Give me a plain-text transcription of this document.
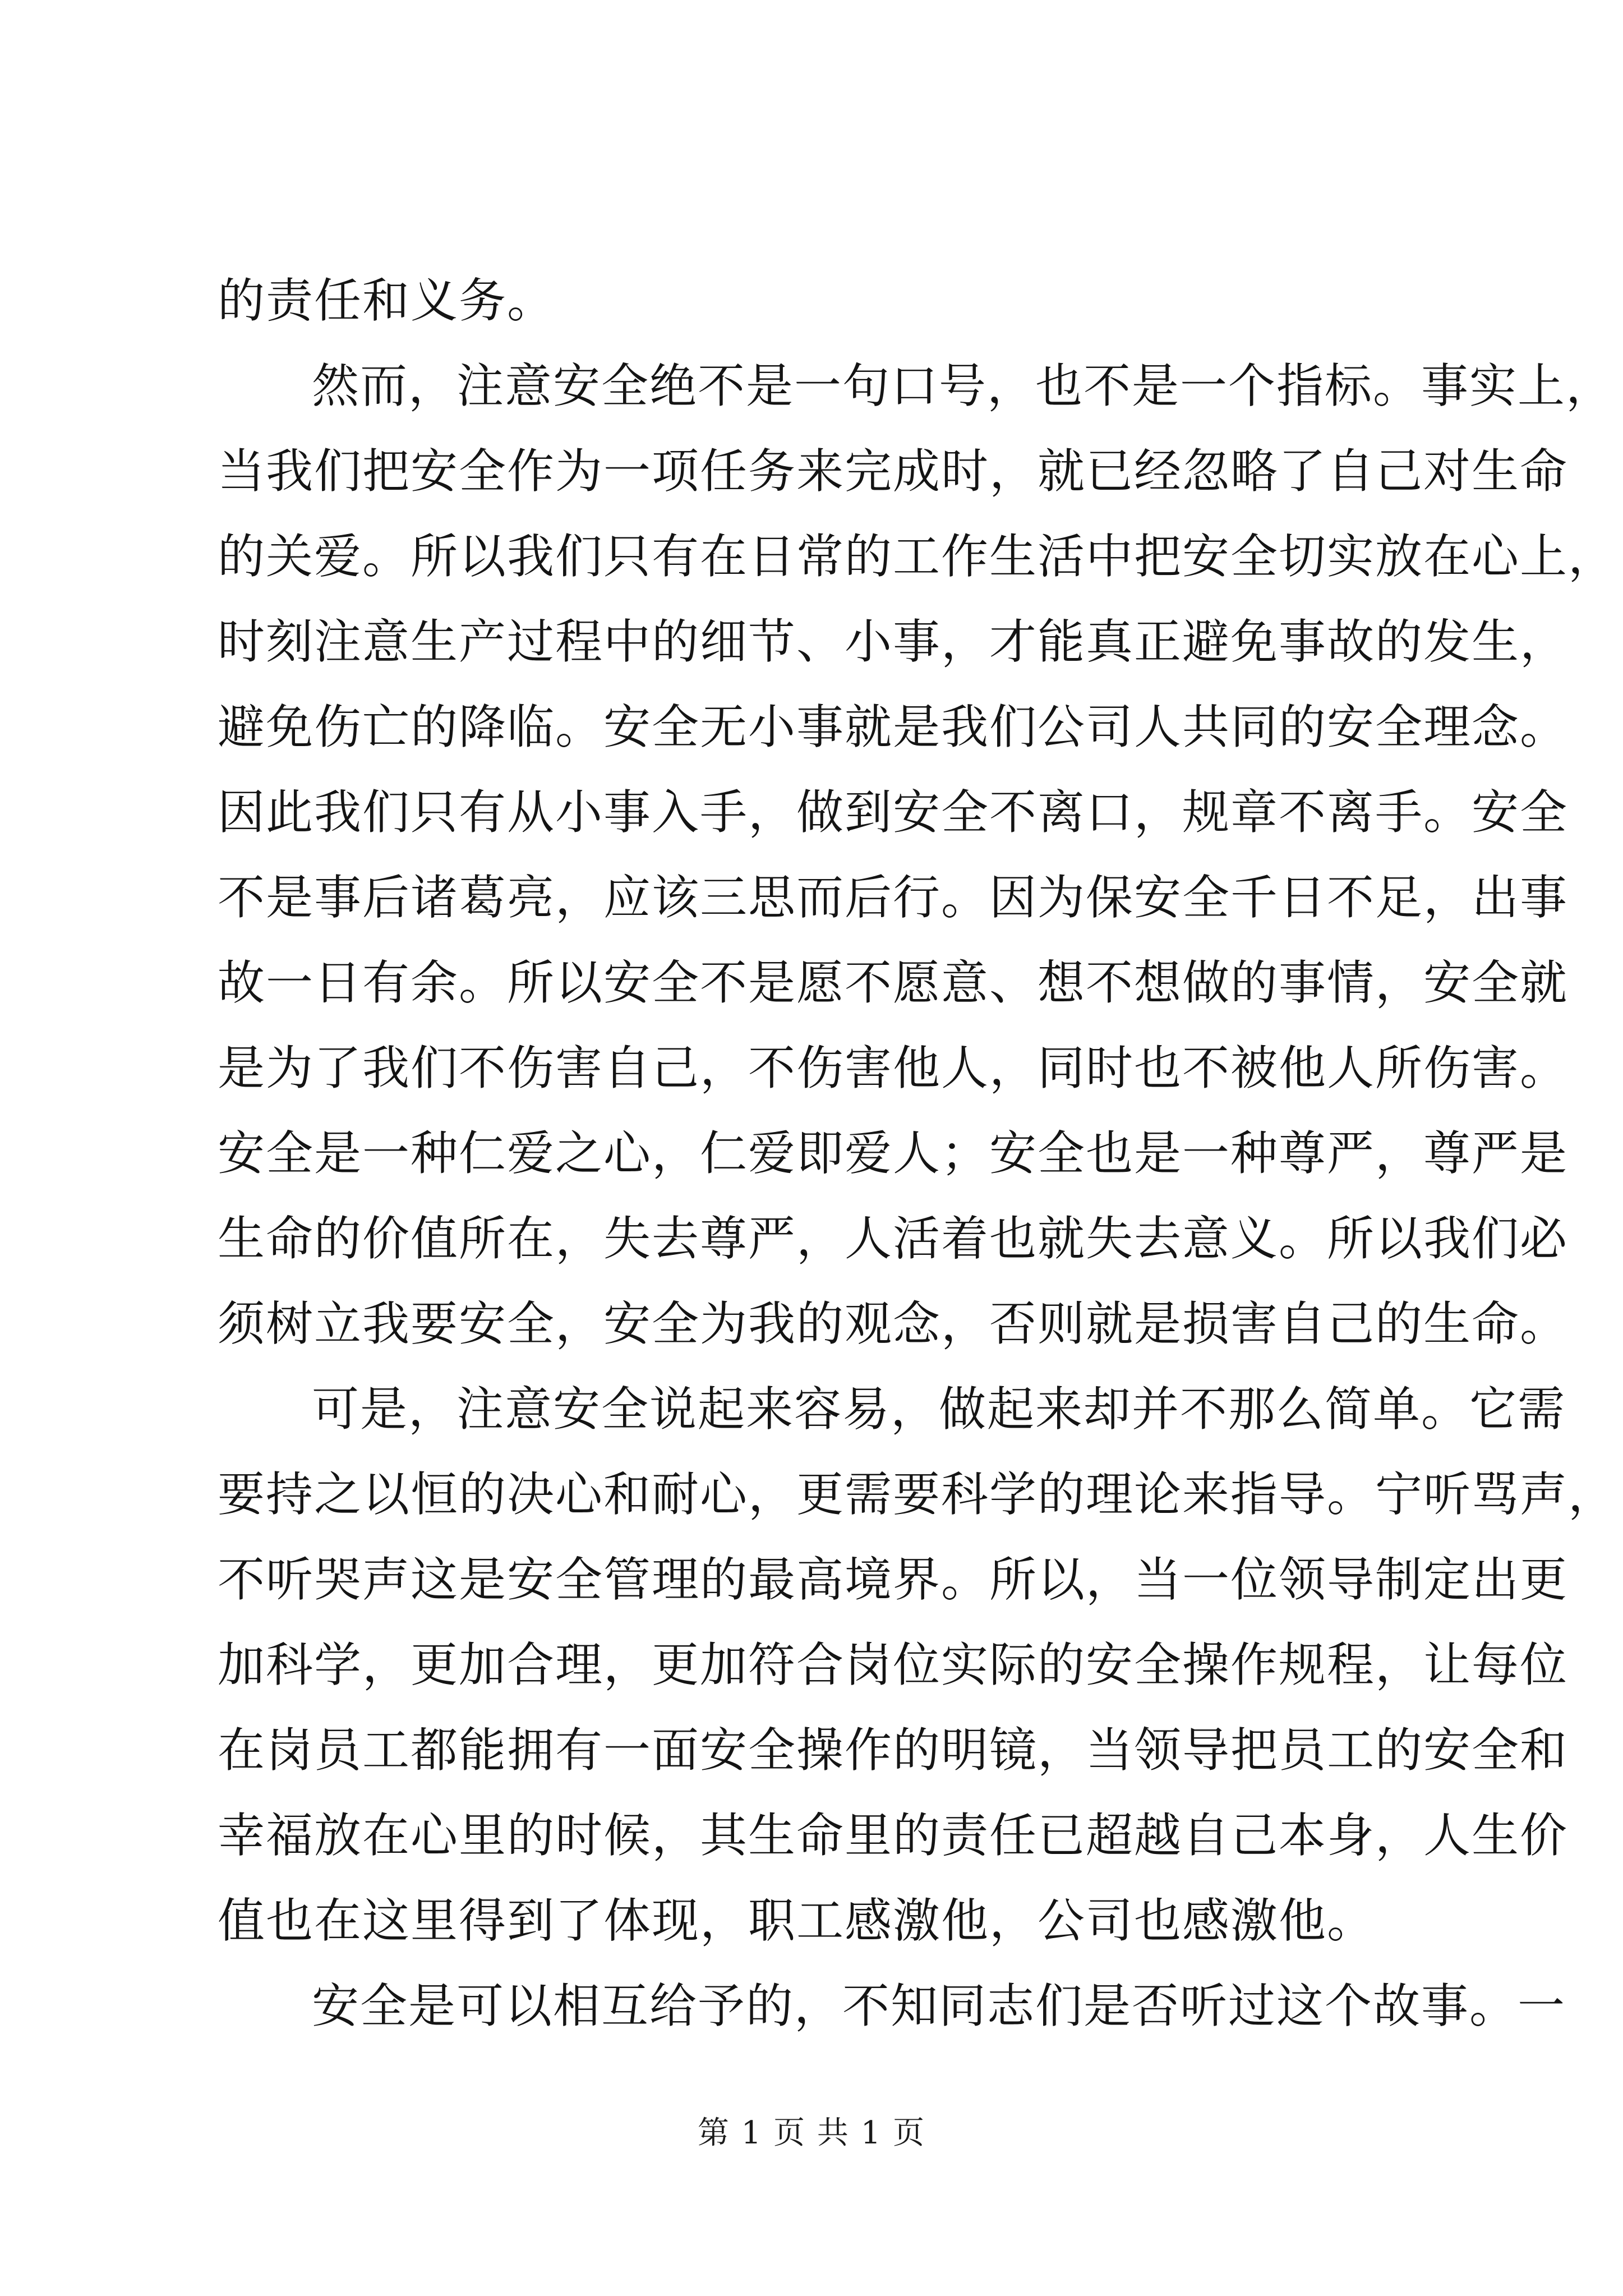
的责任和义务。
然而，注意安全绝不是一句口号，也不是一个指标。事实上，
当我们把安全作为一项任务来完成时，就已经忽略了自己对生命
的关爱。所以我们只有在日常的工作生活中把安全切实放在心上，
时刻注意生产过程中的细节、小事，才能真正避免事故的发生，
避免伤亡的降临。安全无小事就是我们公司人共同的安全理念。
因此我们只有从小事入手，做到安全不离口，规章不离手。安全
不是事后诸葛亮，应该三思而后行。因为保安全千日不足，出事
故一日有余。所以安全不是愿不愿意、想不想做的事情，安全就
是为了我们不伤害自己，不伤害他人，同时也不被他人所伤害。
安全是一种仁爱之心，仁爱即爱人；安全也是一种尊严，尊严是
生命的价值所在，失去尊严，人活着也就失去意义。所以我们必
须树立我要安全，安全为我的观念，否则就是损害自己的生命。
可是，注意安全说起来容易，做起来却并不那么简单。它需
要持之以恒的决心和耐心，更需要科学的理论来指导。宁听骂声，
不听哭声这是安全管理的最高境界。所以，当一位领导制定出更
加科学，更加合理，更加符合岗位实际的安全操作规程，让每位
在岗员工都能拥有一面安全操作的明镜，当领导把员工的安全和
幸福放在心里的时候，其生命里的责任已超越自己本身，人生价
值也在这里得到了体现，职工感激他，公司也感激他。
安全是可以相互给予的，不知同志们是否听过这个故事。一
第 1 页 共 1 页
